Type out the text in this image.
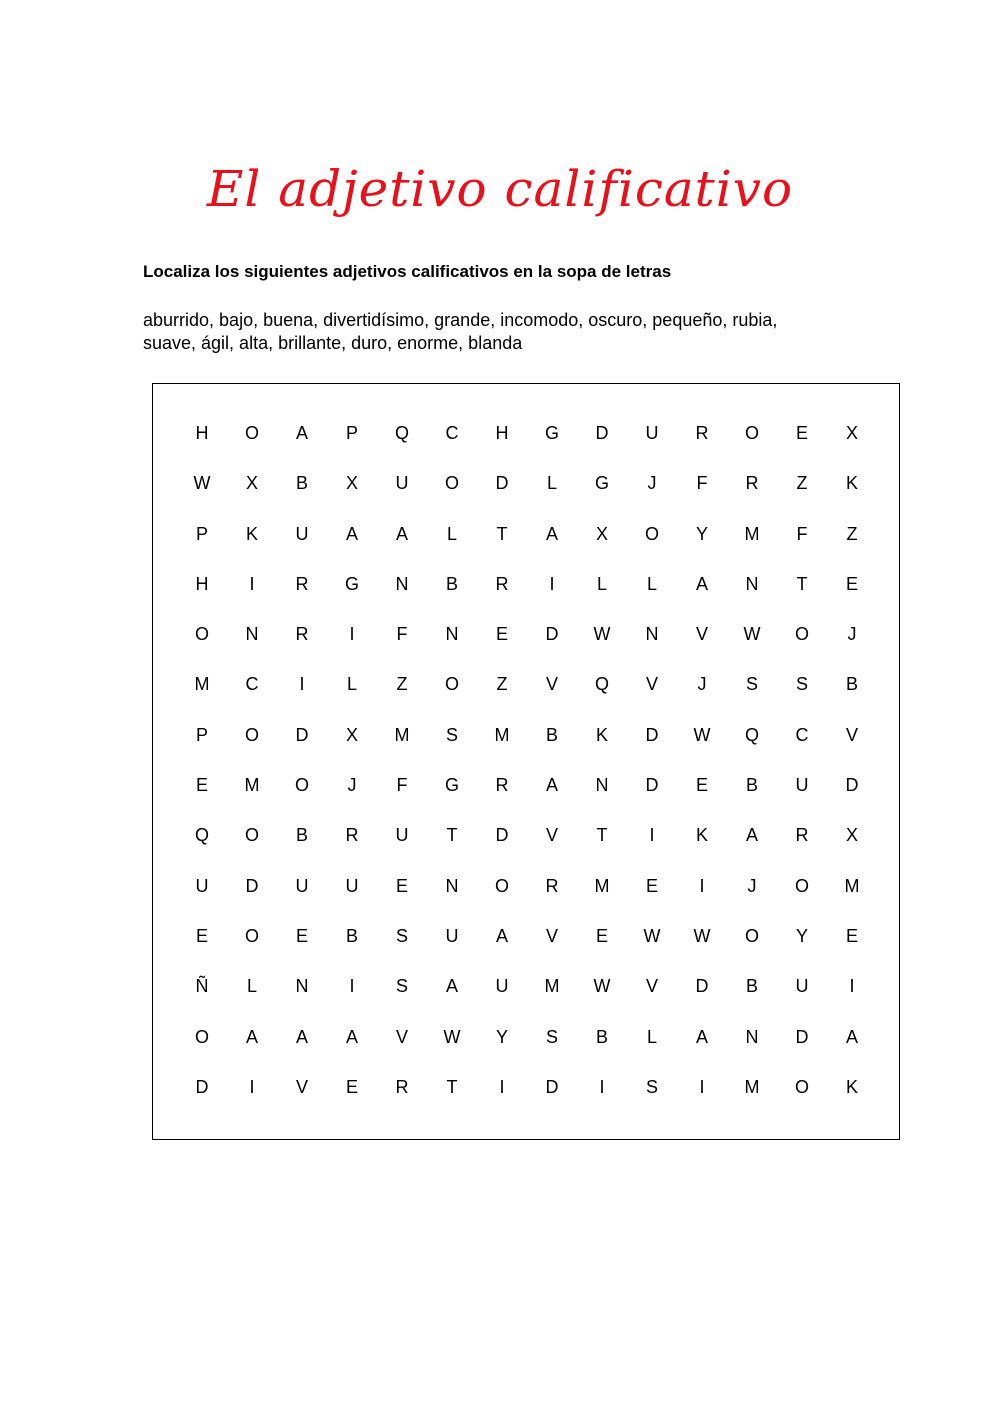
El adjetivo calificativo
Localiza los siguientes adjetivos calificativos en la sopa de letras
aburrido, bajo, buena, divertidísimo, grande, incomodo, oscuro, pequeño, rubia,
suave, ágil, alta, brillante, duro, enorme, blanda
H	O	A	P	Q	C	H	G	D	U	R	O	E	X
W	X	B	X	U	O	D	L	G	J	F	R	Z	K
P	K	U	A	A	L	T	A	X	O	Y	M	F	Z
H	I	R	G	N	B	R	I	L	L	A	N	T	E
O	N	R	I	F	N	E	D	W	N	V	W	O	J
M	C	I	L	Z	O	Z	V	Q	V	J	S	S	B
P	O	D	X	M	S	M	B	K	D	W	Q	C	V
E	M	O	J	F	G	R	A	N	D	E	B	U	D
Q	O	B	R	U	T	D	V	T	I	K	A	R	X
U	D	U	U	E	N	O	R	M	E	I	J	O	M
E	O	E	B	S	U	A	V	E	W	W	O	Y	E
Ñ	L	N	I	S	A	U	M	W	V	D	B	U	I
O	A	A	A	V	W	Y	S	B	L	A	N	D	A
D	I	V	E	R	T	I	D	I	S	I	M	O	K
